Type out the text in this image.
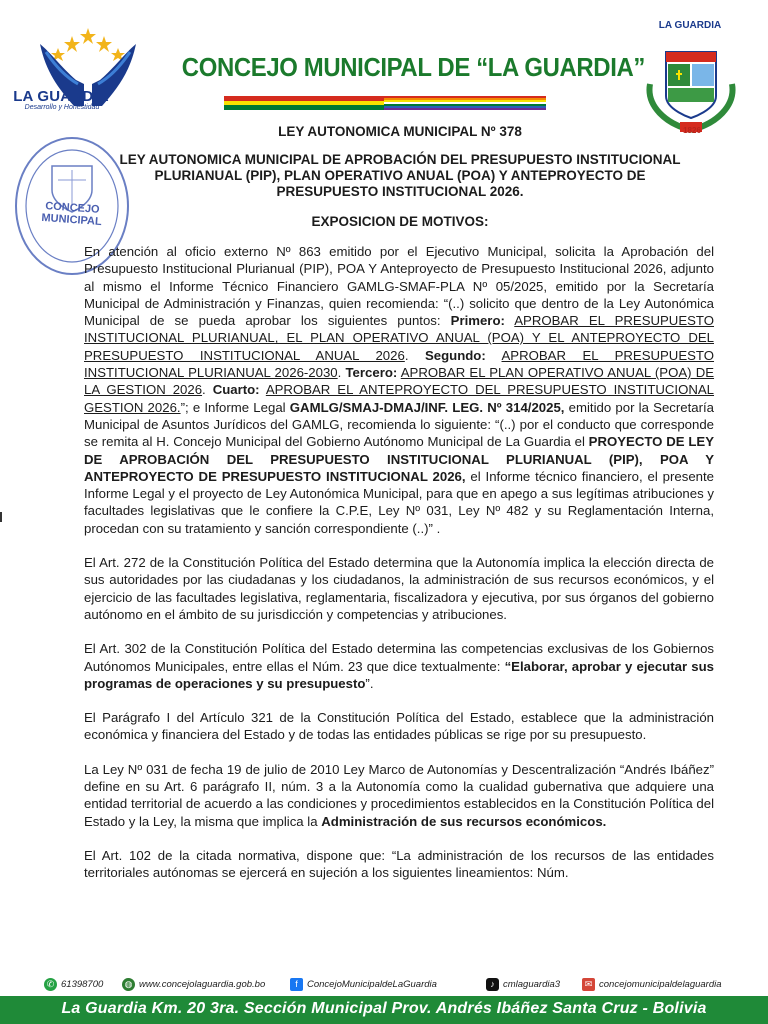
LA GUARDIA
Desarrollo y Honestidad
CONCEJO MUNICIPAL
CONCEJO MUNICIPAL DE “LA GUARDIA”
LA GUARDIA
1826
LEY AUTONOMICA MUNICIPAL Nº 378
LEY AUTONOMICA MUNICIPAL DE APROBACIÓN DEL PRESUPUESTO INSTITUCIONAL PLURIANUAL (PIP), PLAN OPERATIVO ANUAL (POA) Y ANTEPROYECTO DE PRESUPUESTO INSTITUCIONAL 2026.
EXPOSICION DE MOTIVOS:

En atención al oficio externo Nº 863 emitido por el Ejecutivo Municipal, solicita la Aprobación del Presupuesto Institucional Plurianual (PIP), POA Y Anteproyecto de Presupuesto Institucional 2026, adjunto al mismo el Informe Técnico Financiero GAMLG-SMAF-PLA Nº 05/2025, emitido por la Secretaría Municipal de Administración y Finanzas, quien recomienda: “(..) solicito que dentro de la Ley Autonómica Municipal de se pueda aprobar los siguientes puntos: Primero: APROBAR EL PRESUPUESTO INSTITUCIONAL PLURIANUAL, EL PLAN OPERATIVO ANUAL (POA) Y EL ANTEPROYECTO DEL PRESUPUESTO INSTITUCIONAL ANUAL 2026. Segundo: APROBAR EL PRESUPUESTO INSTITUCIONAL PLURIANUAL 2026-2030. Tercero: APROBAR EL PLAN OPERATIVO ANUAL (POA) DE LA GESTION 2026. Cuarto: APROBAR EL ANTEPROYECTO DEL PRESUPUESTO INSTITUCIONAL GESTION 2026.”; e Informe Legal GAMLG/SMAJ-DMAJ/INF. LEG. Nº 314/2025, emitido por la Secretaría Municipal de Asuntos Jurídicos del GAMLG, recomienda lo siguiente: “(..) por el conducto que corresponde se remita al H. Concejo Municipal del Gobierno Autónomo Municipal de La Guardia el PROYECTO DE LEY DE APROBACIÓN DEL PRESUPUESTO INSTITUCIONAL PLURIANUAL (PIP), POA Y ANTEPROYECTO DE PRESUPUESTO INSTITUCIONAL 2026, el Informe técnico financiero, el presente Informe Legal y el proyecto de Ley Autonómica Municipal, para que en apego a sus legítimas atribuciones y facultades legislativas que le confiere la C.P.E, Ley Nº 031, Ley Nº 482 y su Reglamentación Interna, procedan con su tratamiento y sanción correspondiente (..)” .

El Art. 272 de la Constitución Política del Estado determina que la Autonomía implica la elección directa de sus autoridades por las ciudadanas y los ciudadanos, la administración de sus recursos económicos, y el ejercicio de las facultades legislativa, reglamentaria, fiscalizadora y ejecutiva, por sus órganos del gobierno autónomo en el ámbito de su jurisdicción y competencias y atribuciones.

El Art. 302 de la Constitución Política del Estado determina las competencias exclusivas de los Gobiernos Autónomos Municipales, entre ellas el Núm. 23 que dice textualmente: “Elaborar, aprobar y ejecutar sus programas de operaciones y su presupuesto”.

El Parágrafo I del Artículo 321 de la Constitución Política del Estado, establece que la administración económica y financiera del Estado y de todas las entidades públicas se rige por su presupuesto.

La Ley Nº 031 de fecha 19 de julio de 2010 Ley Marco de Autonomías y Descentralización “Andrés Ibáñez” define en su Art. 6 parágrafo II, núm. 3 a la Autonomía como la cualidad gubernativa que adquiere una entidad territorial de acuerdo a las condiciones y procedimientos establecidos en la Constitución Política del Estado y la Ley, la misma que implica la Administración de sus recursos económicos.

El Art. 102 de la citada normativa, dispone que: “La administración de los recursos de las entidades territoriales autónomas se ejercerá en sujeción a los siguientes lineamientos: Núm.

✆ 61398700 ◍ www.concejolaguardia.gob.bo	f ConcejoMunicipaldeLaGuardia	♪ cmlaguardia3	✉ concejomunicipaldelaguardia
La Guardia Km. 20 3ra. Sección Municipal Prov. Andrés Ibáñez Santa Cruz - Bolivia
